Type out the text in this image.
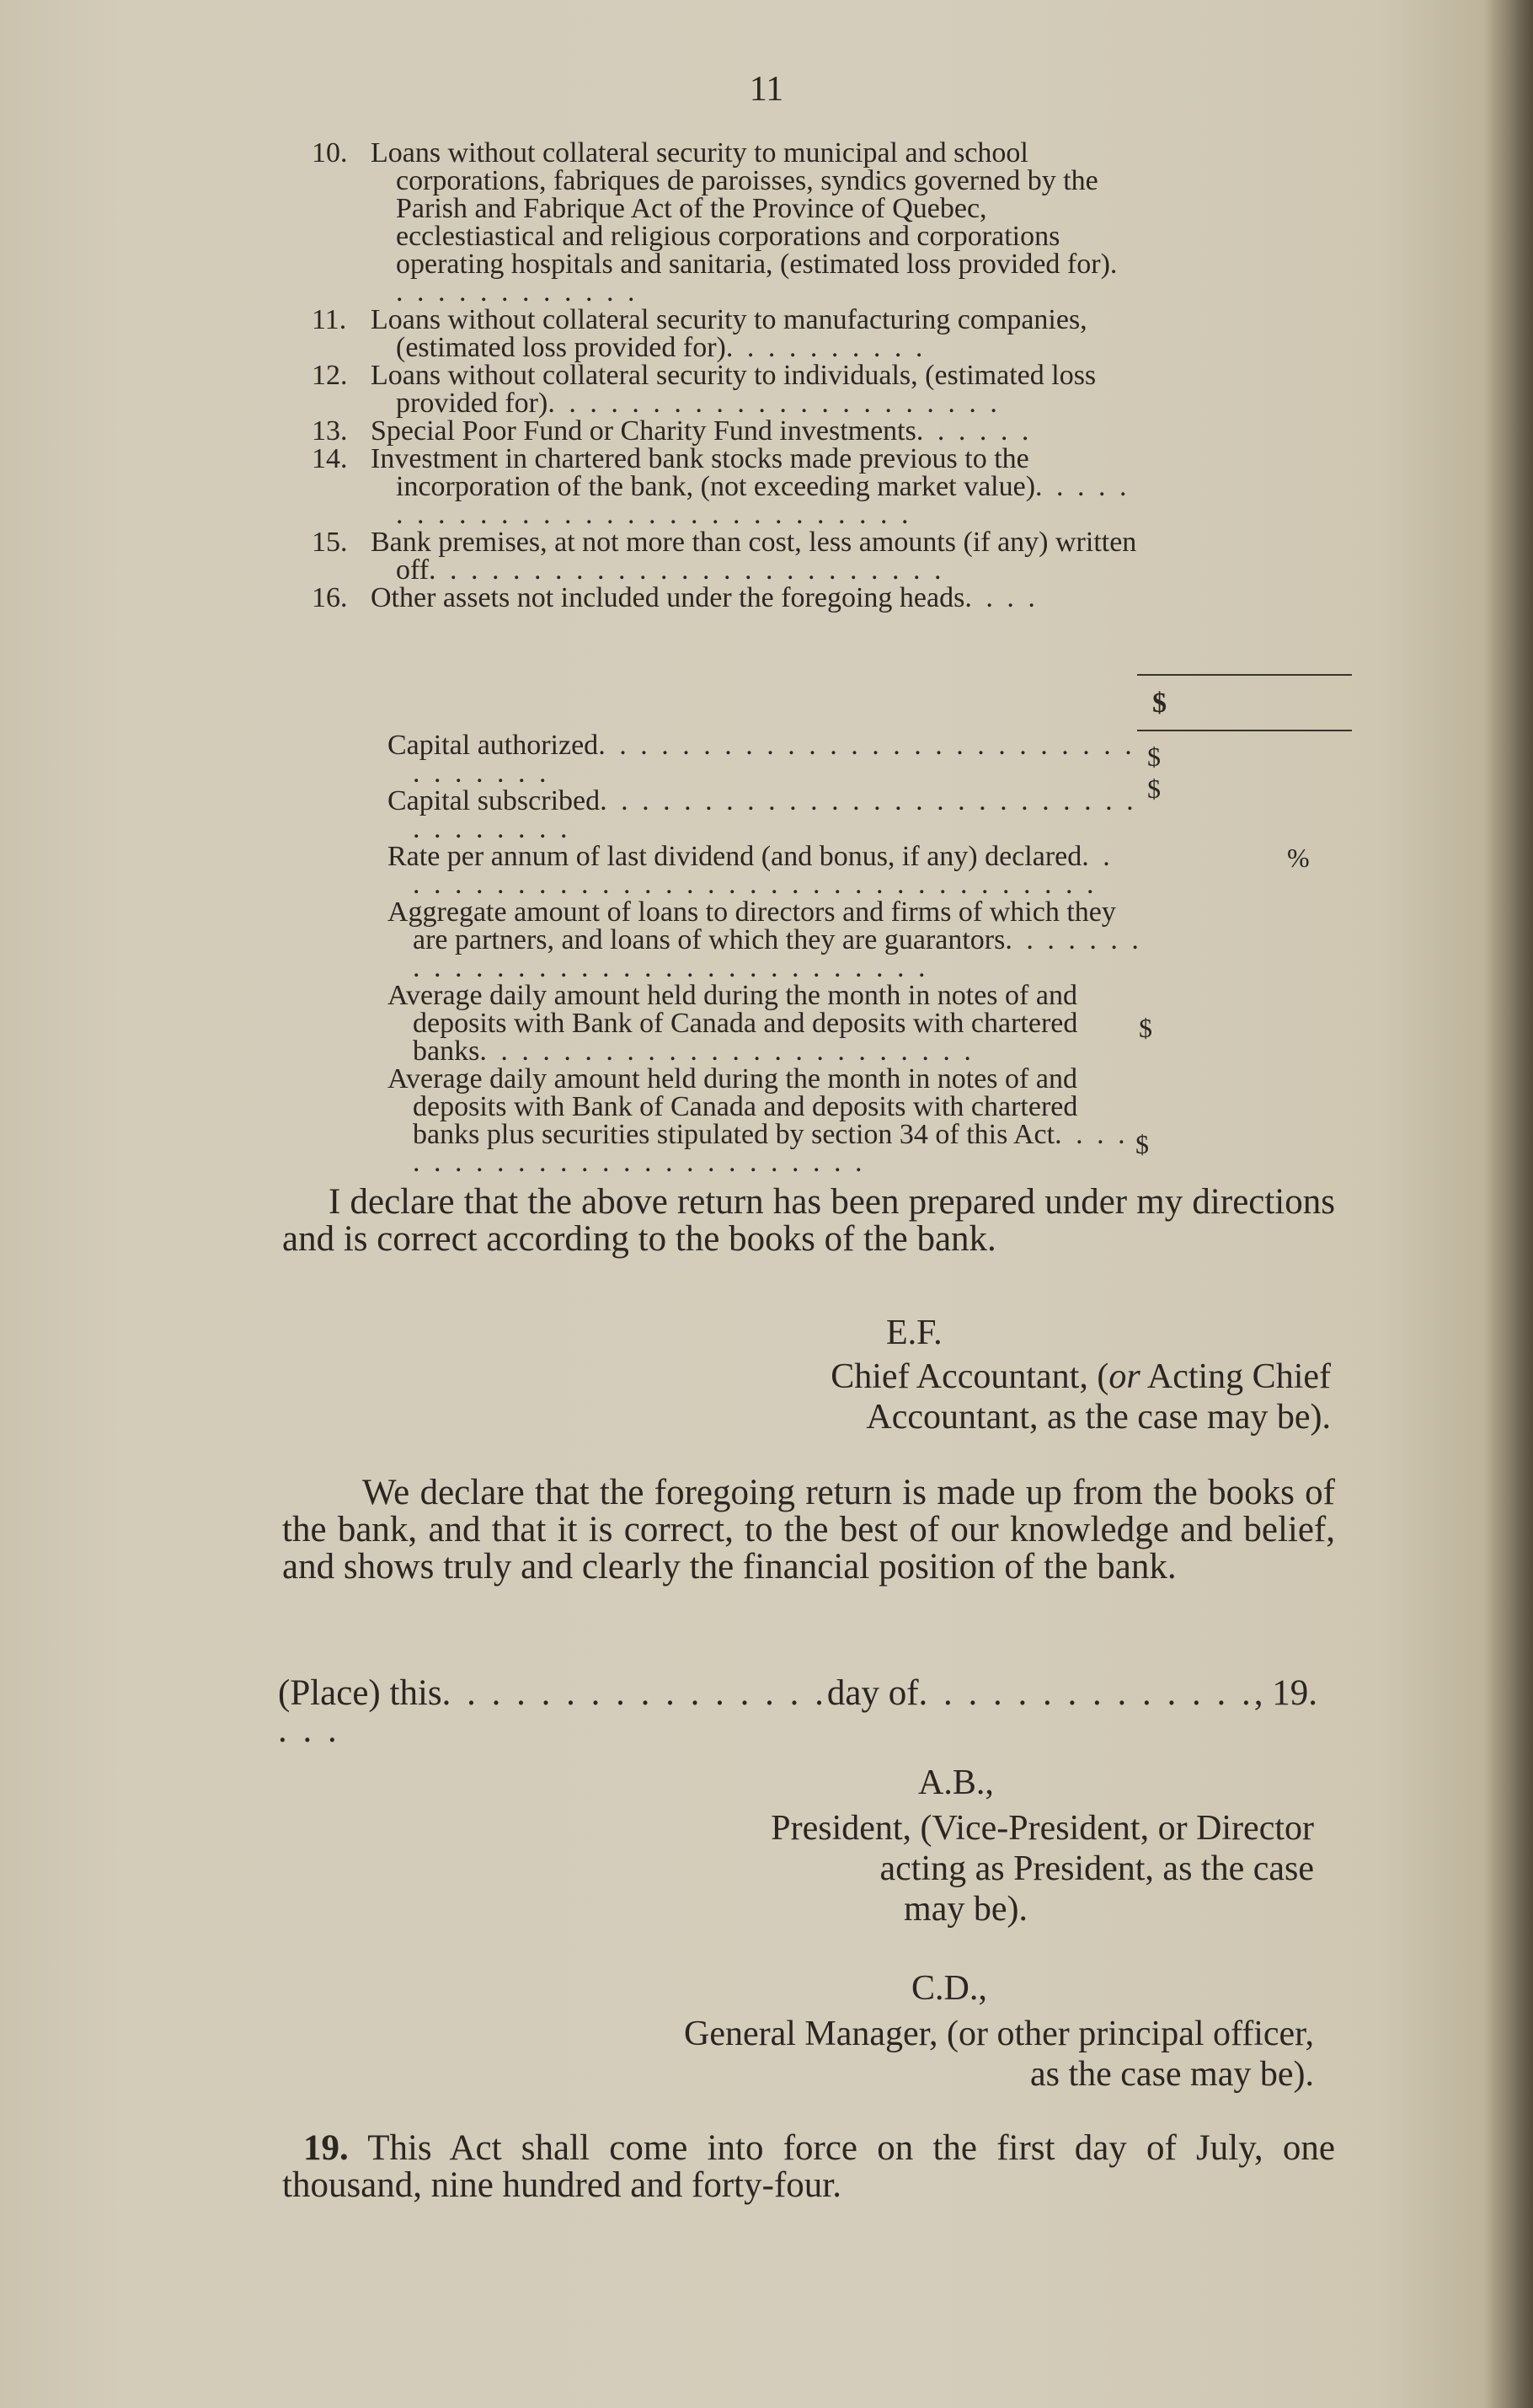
11
10. Loans without collateral security to municipal and school corporations, fabriques de paroisses, syndics governed by the Parish and Fabrique Act of the Province of Quebec, ecclestiastical and religious corporations and corporations operating hospitals and sanitaria, (estimated loss provided for). . . . . . . . . . . . .
11. Loans without collateral security to manufacturing companies, (estimated loss provided for). . . . . . . . . .
12. Loans without collateral security to individuals, (estimated loss provided for). . . . . . . . . . . . . . . . . . . . . .
13. Special Poor Fund or Charity Fund investments. . . . . .
14. Investment in chartered bank stocks made previous to the incorporation of the bank, (not exceeding market value). . . . . . . . . . . . . . . . . . . . . . . . . . . . . .
15. Bank premises, at not more than cost, less amounts (if any) written off. . . . . . . . . . . . . . . . . . . . . . . . .
16. Other assets not included under the foregoing heads. . . .
$
Capital authorized. . . . . . . . . . . . . . . . . . . . . . . . . . . . . . . . .
Capital subscribed. . . . . . . . . . . . . . . . . . . . . . . . . . . . . . . . . .
Rate per annum of last dividend (and bonus, if any) declared. . . . . . . . . . . . . . . . . . . . . . . . . . . . . . . . . . .
Aggregate amount of loans to directors and firms of which they are partners, and loans of which they are guarantors. . . . . . . . . . . . . . . . . . . . . . . . . . . . . . . .
Average daily amount held during the month in notes of and deposits with Bank of Canada and deposits with chartered banks. . . . . . . . . . . . . . . . . . . . . . . .
Average daily amount held during the month in notes of and deposits with Bank of Canada and deposits with chartered banks plus securities stipulated by section 34 of this Act. . . . . . . . . . . . . . . . . . . . . . . . . .
$
$
%
$
$
I declare that the above return has been prepared under my directions and is correct according to the books of the bank.
E.F.
Chief Accountant, (or Acting Chief
Accountant, as the case may be).
We declare that the foregoing return is made up from the books of the bank, and that it is correct, to the best of our knowledge and belief, and shows truly and clearly the financial position of the bank.
(Place) this. . . . . . . . . . . . . . . .day of. . . . . . . . . . . . . ., 19. . . .
A.B.,
President, (Vice-President, or Director
acting as President, as the case
may be).
C.D.,
General Manager, (or other principal officer,
as the case may be).
19. This Act shall come into force on the first day of July, one thousand, nine hundred and forty-four.
